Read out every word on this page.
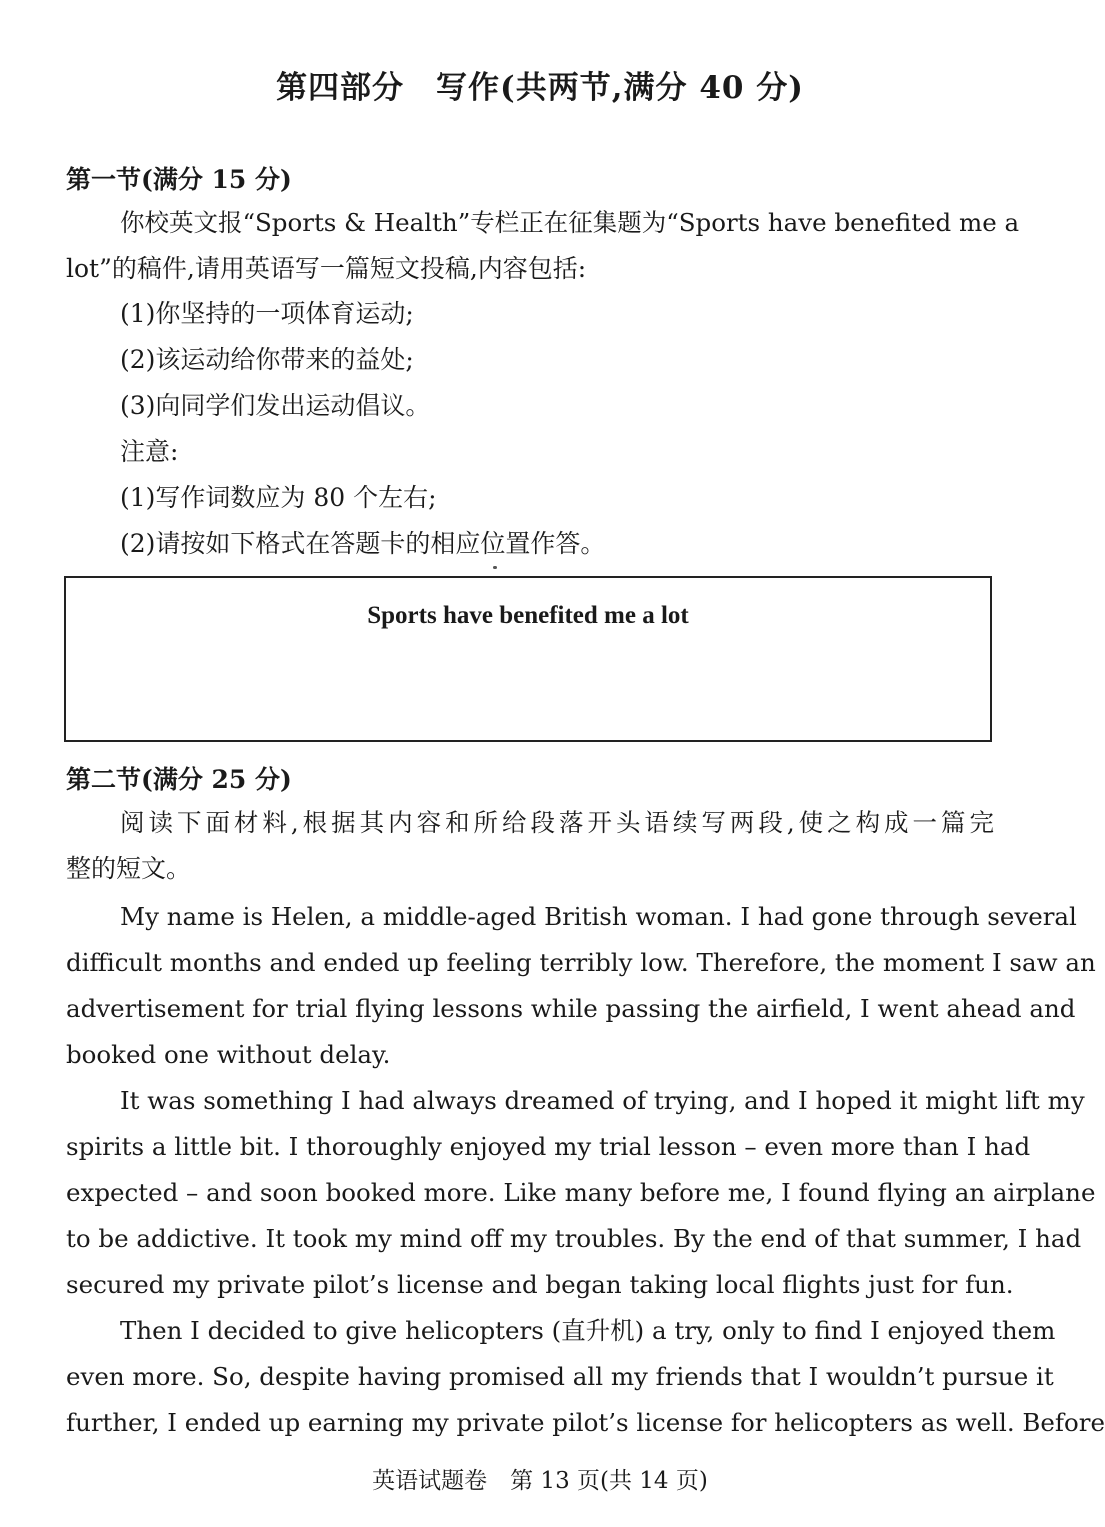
第四部分　写作(共两节,满分 40 分)
第一节(满分 15 分)

你校英文报“Sports & Health”专栏正在征集题为“Sports have benefited me a

lot”的稿件,请用英语写一篇短文投稿,内容包括:

(1)你坚持的一项体育运动;

(2)该运动给你带来的益处;

(3)向同学们发出运动倡议。

注意:

(1)写作词数应为 80 个左右;

(2)请按如下格式在答题卡的相应位置作答。

Sports have benefited me a lot
第二节(满分 25 分)

阅读下面材料,根据其内容和所给段落开头语续写两段,使之构成一篇完

整的短文。

My name is Helen, a middle-aged British woman. I had gone through several

difficult months and ended up feeling terribly low. Therefore, the moment I saw an

advertisement for trial flying lessons while passing the airfield, I went ahead and

booked one without delay.

It was something I had always dreamed of trying, and I hoped it might lift my

spirits a little bit. I thoroughly enjoyed my trial lesson – even more than I had

expected – and soon booked more. Like many before me, I found flying an airplane

to be addictive. It took my mind off my troubles. By the end of that summer, I had

secured my private pilot’s license and began taking local flights just for fun.

Then I decided to give helicopters (直升机) a try, only to find I enjoyed them

even more. So, despite having promised all my friends that I wouldn’t pursue it

further, I ended up earning my private pilot’s license for helicopters as well. Before

英语试题卷　第 13 页(共 14 页)
